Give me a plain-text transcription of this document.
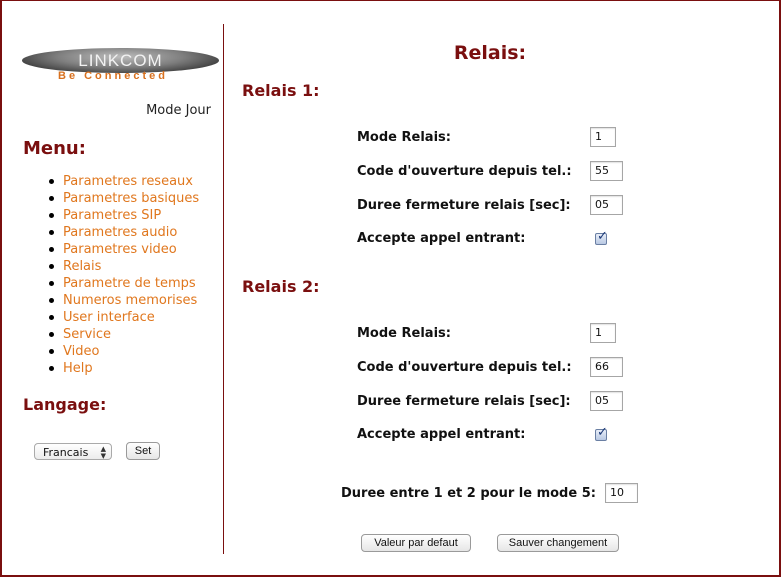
LINKCOM
Be Connected
Mode Jour
Menu:
Parametres reseaux
Parametres basiques
Parametres SIP
Parametres audio
Parametres video
Relais
Parametre de temps
Numeros memorises
User interface
Service
Video
Help
Langage:
Francais ▲
▼	Set
Relais:
Relais 1:
Mode Relais:	1
Code d'ouverture depuis tel.:	55
Duree fermeture relais [sec]:	05
Accepte appel entrant:	✓
Relais 2:
Mode Relais:	1
Code d'ouverture depuis tel.:	66
Duree fermeture relais [sec]:	05
Accepte appel entrant:	✓
Duree entre 1 et 2 pour le mode 5:	10
Valeur par defaut	Sauver changement
